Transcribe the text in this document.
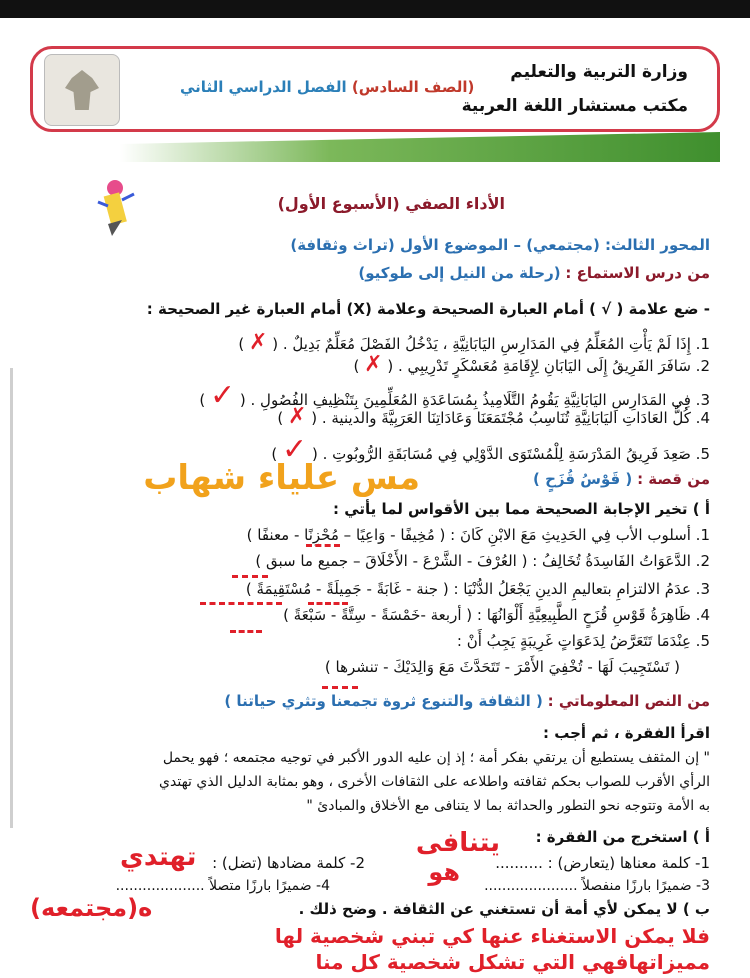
وزارة التربية والتعليم
مكتب مستشار اللغة العربية
(الصف السادس) الفصل الدراسي الثاني
الأداء الصفي (الأسبوع الأول)
المحور الثالث: (مجتمعي) – الموضوع الأول (تراث وثقافة)
من درس الاستماع : (رحلة من النيل إلى طوكيو)
- ضع علامة ( √ ) أمام العبارة الصحيحة وعلامة (X) أمام العبارة غير الصحيحة :
1. إِذَا لَمْ يَأْتِ المُعَلِّمُ فِي المَدَارِسِ اليَابَانِيَّةِ ، يَدْخُلُ الفَصْلَ مُعَلِّمٌ بَدِيلٌ . ( ✗ )
2. سَافَرَ الفَرِيقُ إِلَى اليَابَانِ لِإِقَامَةِ مُعَسْكَرٍ تَدْرِيبِي . ( ✗ )
3. فِي المَدَارِسِ اليَابَانِيَّةِ يَقُومُ التَّلَامِيذُ بِمُسَاعَدَةِ المُعَلِّمِينَ بِتَنْظِيفِ الفُصُولِ . ( ✓ )
4. كُلُّ العَادَاتِ اليَابَانِيَّةِ تُنَاسِبُ مُجْتَمَعَنَا وَعَادَاتِنَا العَرَبِيَّةَ والدينية . ( ✗ )
5. صَعِدَ فَرِيقُ المَدْرَسَةِ لِلْمُسْتَوَى الدَّوْلِي فِي مُسَابَقَةِ الرُّوبُوتِ . ( ✓ )
مس علياء شهاب	من قصة : ( قَوْسُ قُزَحٍ )
أ ) تخير الإجابة الصحيحة مما بين الأقواس لما يأتي :
1. أسلوب الأب فِي الحَدِيثِ مَعَ الابْنِ كَانَ : ( مُخِيفًا - وَاعِيًا – مُحْزِنًا - معنفًا )
2. الدَّعَوَاتُ الفَاسِدَةُ تُخَالِفُ : ( العُرْفَ - الشَّرْعَ - الأَخْلَاقَ – جميع ما سبق )
3. عدَمُ الالتزامِ بتعاليمِ الدينِ يَجْعَلُ الدُّنْيَا : ( جنة - غَابَةً - جَمِيلَةً - مُسْتَقِيمَةً )
4. ظَاهِرَةُ قَوْسِ قُزَحٍ الطَّبِيعِيَّةِ أَلْوَانُهَا : ( أربعة -خَمْسَةً - سِتَّةً - سَبْعَةً )
5. عِنْدَمَا تَتَعَرَّضُ لِدَعَوَاتٍ غَرِيبَةٍ يَجِبُ أَنْ :
( تَسْتَجِيبَ لَهَا - تُخْفِيَ الأَمْرَ - تَتَحَدَّثَ مَعَ وَالِدَيْكَ - تنشرها )
من النص المعلوماتي : ( الثقافة والتنوع ثروة تجمعنا وتثري حياتنا )
اقرأ الفقرة ، ثم أجب :
" إن المثقف يستطيع أن يرتقي بفكر أمة ؛ إذ إن عليه الدور الأكبر في توجيه مجتمعه ؛ فهو يحمل
الرأي الأقرب للصواب بحكم ثقافته واطلاعه على الثقافات الأخرى ، وهو بمثابة الدليل الذي تهتدي
به الأمة وتتوجه نحو التطور والحداثة بما لا يتنافى مع الأخلاق والمبادئ "
أ ) استخرج من الفقرة :
يتنافى
تهتدي	1- كلمة معناها (يتعارض) : ..........
2- كلمة مضادها (تضل) :	هو 3- ضميرًا بارزًا منفصلاً .....................
4- ضميرًا بارزًا متصلاً ....................
ب ) لا يمكن لأي أمة أن تستغني عن الثقافة . وضح ذلك .
ه(مجتمعه)
فلا يمكن الاستغناء عنها كي تبني شخصية لها
مميزاتهافهي التي تشكل شخصية كل منا
